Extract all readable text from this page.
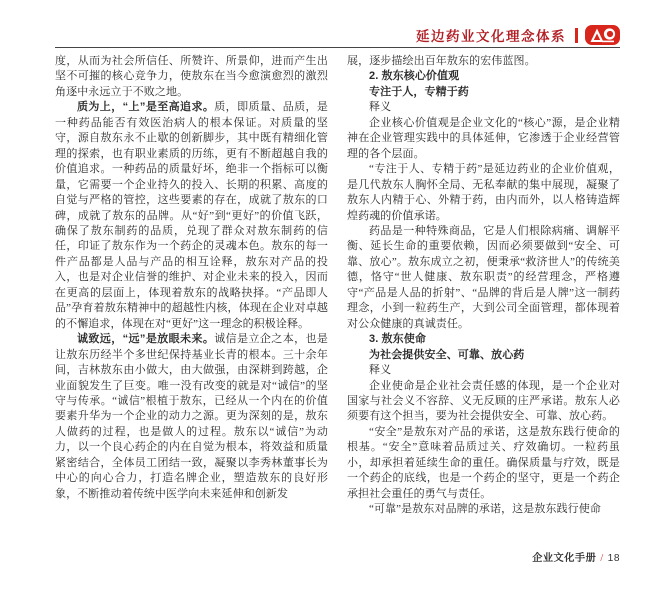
延边药业文化理念体系

度，从而为社会所信任、所赞许、所景仰，进而产生出坚不可摧的核心竞争力，使敖东在当今愈演愈烈的激烈角逐中永远立于不败之地。

质为上，“上”是至高追求。质，即质量、品质，是一种药品能否有效医治病人的根本保证。对质量的坚守，源自敖东永不止歇的创新脚步，其中既有精细化管理的探索，也有职业素质的历练，更有不断超越自我的价值追求。一种药品的质量好坏，绝非一个指标可以衡量，它需要一个企业持久的投入、长期的积累、高度的自觉与严格的管控，这些要素的存在，成就了敖东的口碑，成就了敖东的品牌。从“好”到“更好”的价值飞跃，确保了敖东制药的品质，兑现了群众对敖东制药的信任，印证了敖东作为一个药企的灵魂本色。敖东的每一件产品都是人品与产品的相互诠释，敖东对产品的投入，也是对企业信誉的维护、对企业未来的投入，因而在更高的层面上，体现着敖东的战略抉择。“产品即人品”孕育着敖东精神中的超越性内核，体现在企业对卓越的不懈追求，体现在对“更好”这一理念的积极诠释。

诚致远，“远”是放眼未来。诚信是立企之本，也是让敖东历经半个多世纪保持基业长青的根本。三十余年间，吉林敖东由小做大，由大做强，由深耕到跨越，企业面貌发生了巨变。唯一没有改变的就是对“诚信”的坚守与传承。“诚信”根植于敖东，已经从一个内在的价值要素升华为一个企业的动力之源。更为深刻的是，敖东人做药的过程，也是做人的过程。敖东以“诚信”为动力，以一个良心药企的内在自觉为根本，将效益和质量紧密结合，全体员工团结一致，凝聚以李秀林董事长为中心的向心合力，打造名牌企业，塑造敖东的良好形象，不断推动着传统中医学向未来延伸和创新发

展，逐步描绘出百年敖东的宏伟蓝图。

2. 敖东核心价值观

专注于人，专精于药

释义

企业核心价值观是企业文化的“核心”源，是企业精神在企业管理实践中的具体延伸，它渗透于企业经营管理的各个层面。

“专注于人、专精于药”是延边药业的企业价值观，是几代敖东人胸怀全局、无私奉献的集中展现，凝聚了敖东人内精于心、外精于药，由内而外，以人格铸造辉煌药魂的价值承诺。

药品是一种特殊商品，它是人们根除病痛、调解平衡、延长生命的重要依赖，因而必须要做到“安全、可靠、放心”。敖东成立之初，便秉承“救济世人”的传统美德，恪守“世人健康、敖东职责”的经营理念，严格遵守“产品是人品的折射”、“品牌的背后是人牌”这一制药理念，小到一粒药生产，大到公司全面管理，都体现着对公众健康的真诚责任。

3. 敖东使命

为社会提供安全、可靠、放心药

释义

企业使命是企业社会责任感的体现，是一个企业对国家与社会义不容辞、义无反顾的庄严承诺。敖东人必须要有这个担当，要为社会提供安全、可靠、放心药。

“安全”是敖东对产品的承诺，这是敖东践行使命的根基。“安全”意味着品质过关、疗效确切。一粒药虽小，却承担着延续生命的重任。确保质量与疗效，既是一个药企的底线，也是一个药企的坚守，更是一个药企承担社会重任的勇气与责任。

“可靠”是敖东对品牌的承诺，这是敖东践行使命

企业文化手册 / 18
